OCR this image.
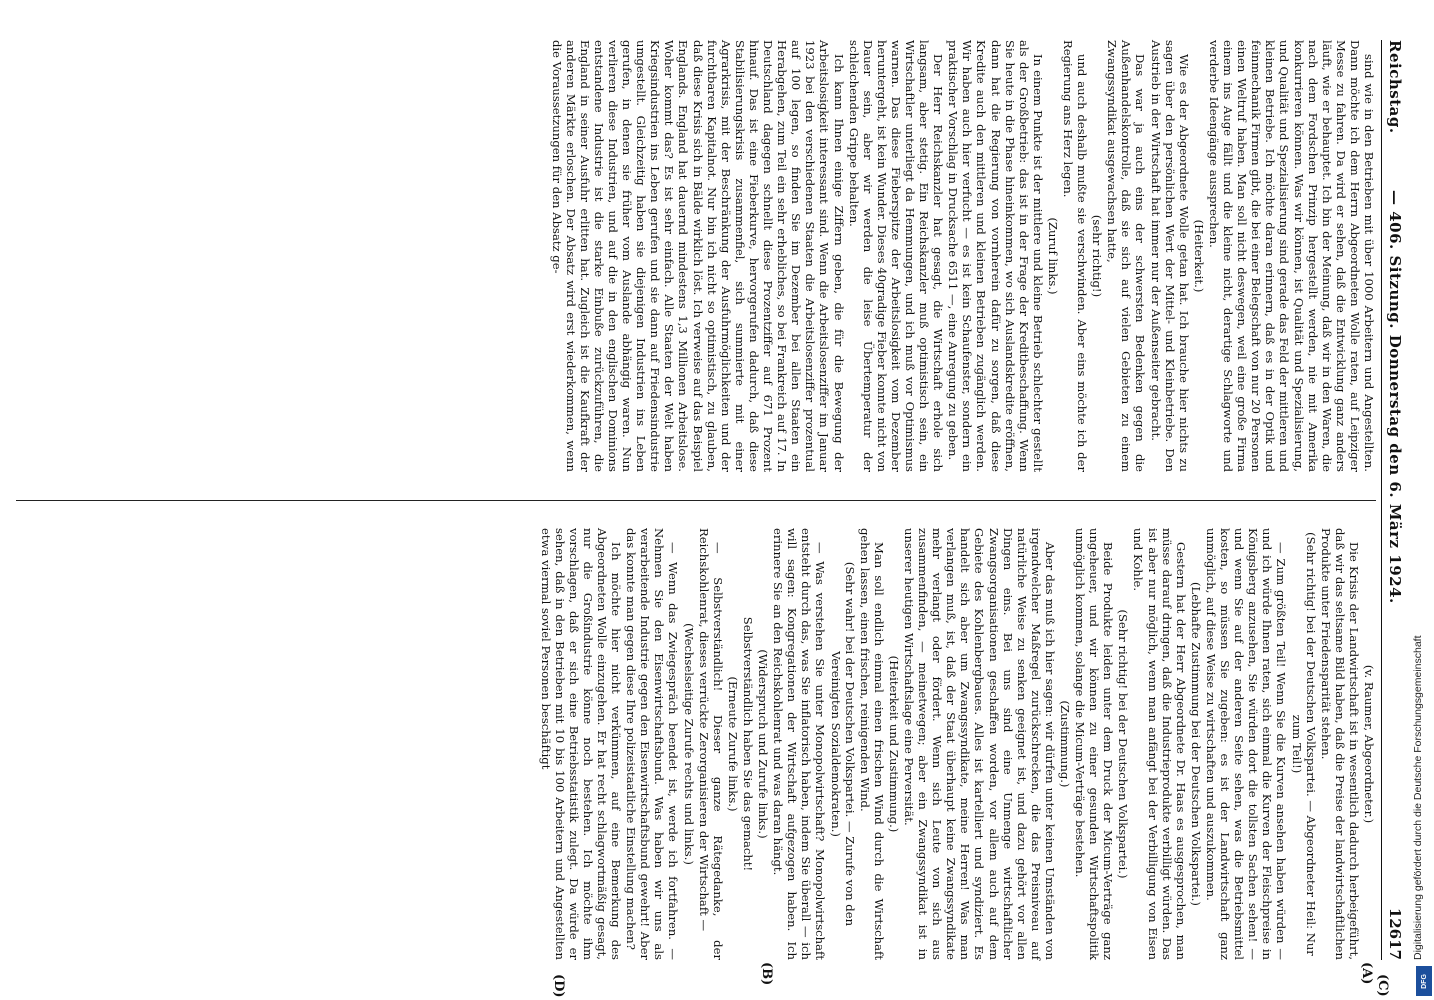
Reichstag.
— 406. Sitzung. Donnerstag den 6. März 1924.
12617
(C)
(D)

sind wie in den Betrieben mit über 1000 Arbeitern und Angestellten. Dann möchte ich dem Herrn Abgeordneten Wolle raten, auf Leipziger Messe zu fahren. Da wird er sehen, daß die Entwicklung ganz anders läuft, wie er behauptet. Ich bin der Meinung, daß wir in den Waren, die nach dem Fordschen Prinzip hergestellt werden, nie mit Amerika konkurrieren können. Was wir können, ist Qualität und Spezialisierung, und Qualität und Spezialisierung sind gerade das Feld der mittleren und kleinen Betriebe. Ich möchte daran erinnern, daß es in der Optik und feinmechanik Firmen gibt, die bei einer Belegschaft von nur 20 Personen einen Weltruf haben. Man soll nicht deswegen, weil eine große Firma einem ins Auge fällt und die kleine nicht, derartige Schlagworte und verderbe Ideengänge aussprechen.

(Heiterkeit.)

Wie es der Abgeordnete Wolle getan hat. Ich brauche hier nichts zu sagen über den persönlichen Wert der Mittel- und Kleinbetriebe. Den Austrieb in der Wirtschaft hat immer nur der Außenseiter gebracht.

Das war ja auch eins der schwersten Bedenken gegen die Außenhandelskontrolle, daß sie sich auf vielen Gebieten zu einem Zwangssyndikat ausgewachsen hatte,

(sehr richtig!)

und auch deshalb mußte sie verschwinden. Aber eins möchte ich der Regierung ans Herz legen.

(Zuruf links.)

In einem Punkte ist der mittlere und kleine Betrieb schlechter gestellt als der Großbetrieb: das ist in der Frage der Kreditbeschaffung. Wenn Sie heute in die Phase hineinkommen, wo sich Auslandskredite eröffnen, dann hat die Regierung von vornherein dafür zu sorgen, daß diese Kredite auch den mittleren und kleinen Betrieben zugänglich werden. Wir haben auch hier verfucht — es ist kein Schaufenster, sondern ein praktischer Vorschlag in Drucksache 6511 —, eine Anregung zu geben.

Der Herr Reichskanzler hat gesagt, die Wirtschaft erhole sich langsam, aber stetig. Ein Reichskanzler muß optimistisch sein, ein Wirtschaftler unterliegt da Hemmungen, und ich muß vor Optimismus warnen. Das diese Fieberspitze der Arbeitslosigkeit vom Dezember heruntergeht, ist kein Wunder. Dieses 40gradige Fieber konnte nicht von Dauer sein, aber wir werden die leise Übertemperatur der schleichenden Grippe behalten.

Ich kann Ihnen einige Ziffern geben, die für die Bewegung der Arbeitslosigkeit interessant sind. Wenn die Arbeitslosenziffer im Januar 1923 bei den verschiedenen Staaten die Arbeitslosenziffer prozentual auf 100 legen, so finden Sie im Dezember bei allen Staaten ein Herabgehen, zum Teil ein sehr erhebliches, so bei Frankreich auf 17. In Deutschland dagegen schnellt diese Prozentziffer auf 671 Prozent hinauf. Das ist eine Fieberkurve, hervorgerufen dadurch, daß diese Stabilisierungskrisis zusammenfiel, sich summierte mit einer Agrarkrisis, mit der Beschränkung der Ausfuhrmöglichkeiten und der furchtbaren Kapitalnot. Nur bin ich nicht so optimistisch, zu glauben, daß diese Krisis sich in Bälde wirklich löst. Ich verweise auf das Beispiel Englands. England hat dauernd mindestens 1,3 Millionen Arbeitslose. Woher kommt das? Es ist sehr einfach. Alle Staaten der Welt haben Kriegsindustrien ins Leben gerufen und sie dann auf Friedensindustrie umgestellt. Gleichzeitig haben sie diejenigen Industrien ins Leben gerufen, in denen sie früher vom Auslande abhängig waren. Nun verlieren diese Industrien, und auf die in den englischen Dominions entstandene Industrie ist die starke Einbuße zurückzuführen, die England in seiner Ausfuhr erlitten hat. Zugleich ist die Kaufkraft der anderen Märkte erloschen. Der Absatz wird erst wiederkommen, wenn die Voraussetzungen für den Absatz ge-

(v. Raumer, Abgeordneter.)

Die Krisis der Landwirtschaft ist in wesentlich dadurch herbeigeführt, daß wir das seltsame Bild haben, daß die Preise der landwirtschaftlichen Produkte unter Friedensparität stehen.

(Sehr richtig! bei der Deutschen Volkspartei. — Abgeordneter Heil: Nur zum Teil!)

— Zum größten Teil! Wenn Sie die Kurven ansehen haben würden — und ich würde Ihnen raten, sich einmal die Kurven der Fleischpreise in Königsberg anzusehen, Sie würden dort die tollsten Sachen sehen! — und wenn Sie auf der anderen Seite sehen, was die Betriebsmittel kosten, so müssen Sie zugeben: es ist der Landwirtschaft ganz unmöglich, auf diese Weise zu wirtschaften und auszukommen.

(Lebhafte Zustimmung bei der Deutschen Volkspartei.)

Gestern hat der Herr Abgeordnete Dr. Haas es ausgesprochen, man müsse darauf dringen, daß die Industrieprodukte verbilligt würden. Das ist aber nur möglich, wenn man anfängt bei der Verbilligung von Eisen und Kohle.

(Sehr richtig! bei der Deutschen Volkspartei.)

Beide Produkte leiden unter dem Druck der Micum-Verträge ganz ungeheuer, und wir können zu einer gesunden Wirtschaftspolitik unmöglich kommen, solange die Micum-Verträge bestehen.

(Zustimmung.)

Aber das muß ich hier sagen: wir dürfen unter keinen Umständen von irgendwelcher Maßregel zurückschrecken, die das Preisniveau auf natürliche Weise zu senken geeignet ist, und dazu gehört vor allen Dingen eins. Bei uns sind eine Unmenge wirtschaftlicher Zwangsorganisationen geschaffen worden, vor allem auch auf dem Gebiete des Kohlenbergbaues. Alles ist kartelliert und syndiziert. Es handelt sich aber um Zwangssyndikate, meine Herren! Was man verlangen muß, ist, daß der Staat überhaupt keine Zwangssyndikate mehr verlangt oder fördert. Wenn sich Leute von sich aus zusammenfinden, — meinetwegen; aber ein Zwangssyndikat ist in unserer heutigen Wirtschaftslage eine Perversität.

(Heiterkeit und Zustimmung.)

Man soll endlich einmal einen frischen Wind durch die Wirtschaft gehen lassen, einen frischen, reinigenden Wind.

(Sehr wahr! bei der Deutschen Volkspartei. — Zurufe von den Vereinigten Sozialdemokraten.)

— Was verstehen Sie unter Monopolwirtschaft? Monopolwirtschaft entsteht durch das, was Sie inflatorisch haben, indem Sie überall — ich will sagen: Kongregationen der Wirtschaft aufgezogen haben. Ich erinnere Sie an den Reichskohlenrat und was daran hängt.

(Widerspruch und Zurufe links.)

Selbstverständlich haben Sie das gemacht!

(Erneute Zurufe links.)

— Selbstverständlich! Dieser ganze Rätegedanke, der Reichskohlenrat, dieses verrückte Zerorganisieren der Wirtschaft —

(Wechselseitige Zurufe rechts und links.)

— Wenn das Zwiegespräch beendet ist, werde ich fortfahren. — Nehmen Sie den Eisenwirtschaftsbund. Was haben wir uns als verarbeitende Industrie gegen den Eisenwirtschaftsbund gewehrt! Aber das konnte man gegen diese Ihre polizeistaatliche Einstellung machen?

Ich möchte hier nicht verkümmen, auf eine Bemerkung des Abgeordneten Wolle einzugehen. Er hat recht schlagwortmäßig gesagt, nur die Großindustrie könne noch bestehen. Ich möchte ihm vorschlagen, daß er sich eine Betriebsstatistik zulegt. Da würde er sehen, daß in den Betrieben mit 10 bis 100 Arbeitern und Angestellten etwa viermal soviel Personen beschäftigt

(A)
(B)	DFG
Digitalisierung gefördert durch die Deutsche Forschungsgemeinschaft
